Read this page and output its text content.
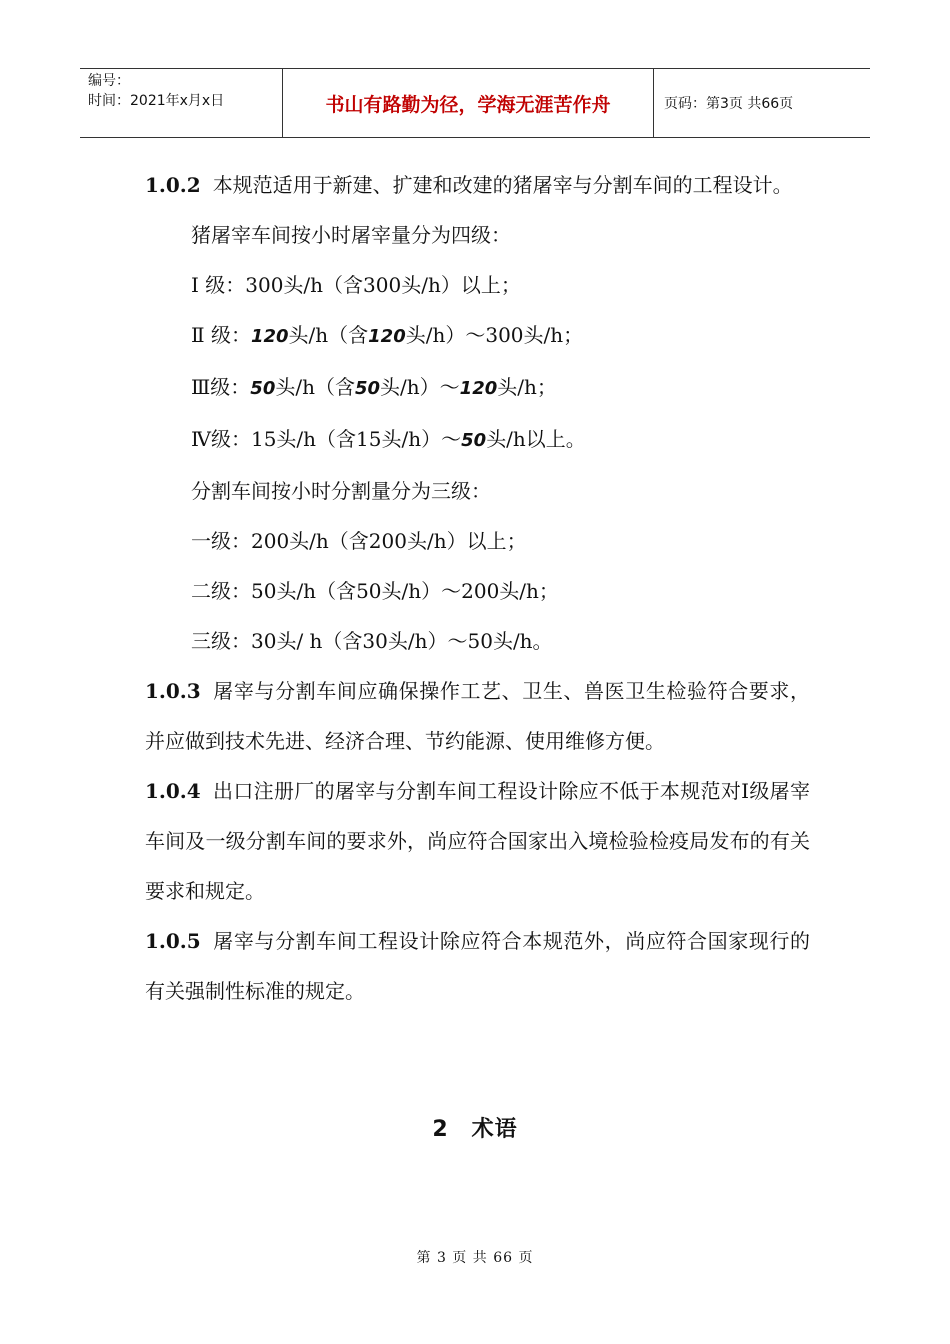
编号：
时间：2021年x月x日	书山有路勤为径，学海无涯苦作舟	页码：第3页 共66页

1.0.2 本规范适用于新建、扩建和改建的猪屠宰与分割车间的工程设计。

猪屠宰车间按小时屠宰量分为四级：

Ⅰ 级：300头/h（含300头/h）以上；

Ⅱ 级：120头/h（含120头/h）～300头/h；

Ⅲ级：50头/h（含50头/h）～120头/h；

Ⅳ级：15头/h（含15头/h）～50头/h以上。

分割车间按小时分割量分为三级：

一级：200头/h（含200头/h）以上；

二级：50头/h（含50头/h）～200头/h；

三级：30头/ h（含30头/h）～50头/h。

1.0.3 屠宰与分割车间应确保操作工艺、卫生、兽医卫生检验符合要求，并应做到技术先进、经济合理、节约能源、使用维修方便。

1.0.4 出口注册厂的屠宰与分割车间工程设计除应不低于本规范对Ⅰ级屠宰车间及一级分割车间的要求外，尚应符合国家出入境检验检疫局发布的有关要求和规定。

1.0.5 屠宰与分割车间工程设计除应符合本规范外，尚应符合国家现行的有关强制性标准的规定。

2　术语
第 3 页 共 66 页
